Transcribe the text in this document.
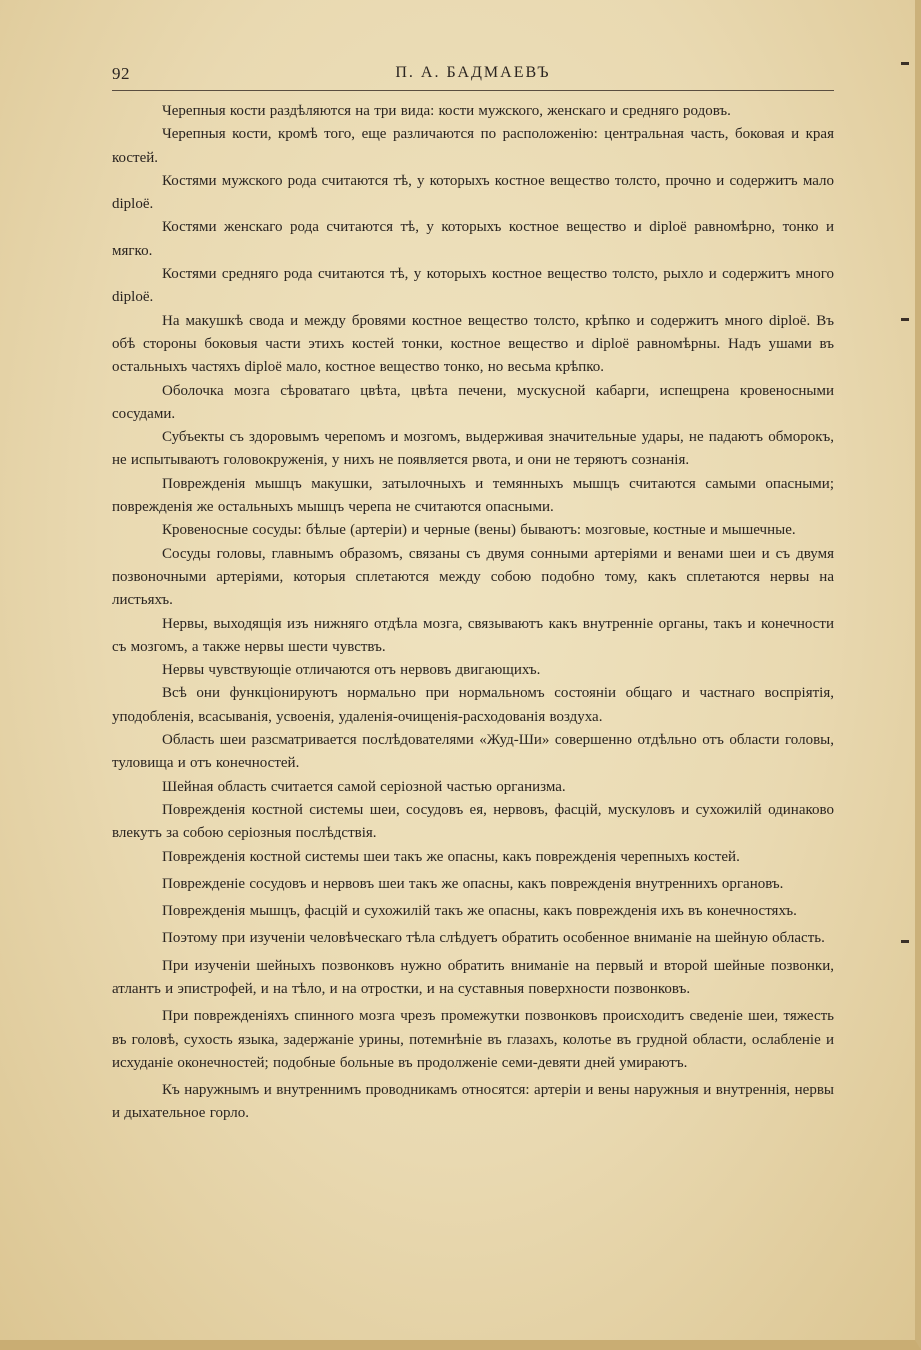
92	П. А. БАДМАЕВЪ

Черепныя кости раздѣляются на три вида: кости мужского, женскаго и средняго родовъ.

Черепныя кости, кромѣ того, еще различаются по расположенію: центральная часть, боковая и края костей.

Костями мужского рода считаются тѣ, у которыхъ костное вещество толсто, прочно и содержитъ мало diploё.

Костями женскаго рода считаются тѣ, у которыхъ костное вещество и diploё равномѣрно, тонко и мягко.

Костями средняго рода считаются тѣ, у которыхъ костное вещество толсто, рыхло и содержитъ много diploё.

На макушкѣ свода и между бровями костное вещество толсто, крѣпко и содержитъ много diploё. Въ обѣ стороны боковыя части этихъ костей тонки, костное вещество и diploё равномѣрны. Надъ ушами въ остальныхъ частяхъ diploё мало, костное вещество тонко, но весьма крѣпко.

Оболочка мозга сѣроватаго цвѣта, цвѣта печени, мускусной кабарги, испещрена кровеносными сосудами.

Субъекты съ здоровымъ черепомъ и мозгомъ, выдерживая значительные удары, не падаютъ обморокъ, не испытываютъ головокруженія, у нихъ не появляется рвота, и они не теряютъ сознанія.

Поврежденія мышцъ макушки, затылочныхъ и темянныхъ мышцъ считаются самыми опасными; поврежденія же остальныхъ мышцъ черепа не считаются опасными.

Кровеносные сосуды: бѣлые (артеріи) и черные (вены) бываютъ: мозговые, костные и мышечные.

Сосуды головы, главнымъ образомъ, связаны съ двумя сонными артеріями и венами шеи и съ двумя позвоночными артеріями, которыя сплетаются между собою подобно тому, какъ сплетаются нервы на листьяхъ.

Нервы, выходящія изъ нижняго отдѣла мозга, связываютъ какъ внутренніе органы, такъ и конечности съ мозгомъ, а также нервы шести чувствъ.

Нервы чувствующіе отличаются отъ нервовъ двигающихъ.

Всѣ они функціонируютъ нормально при нормальномъ состояніи общаго и частнаго воспріятія, уподобленія, всасыванія, усвоенія, удаленія-очищенія-расходованія воздуха.

Область шеи разсматривается послѣдователями «Жуд-Ши» совершенно отдѣльно отъ области головы, туловища и отъ конечностей.

Шейная область считается самой серіозной частью организма.

Поврежденія костной системы шеи, сосудовъ ея, нервовъ, фасцій, мускуловъ и сухожилій одинаково влекутъ за собою серіозныя послѣдствія.

Поврежденія костной системы шеи такъ же опасны, какъ поврежденія черепныхъ костей.

Поврежденіе сосудовъ и нервовъ шеи такъ же опасны, какъ поврежденія внутреннихъ органовъ.

Поврежденія мышцъ, фасцій и сухожилій такъ же опасны, какъ поврежденія ихъ въ конечностяхъ.

Поэтому при изученіи человѣческаго тѣла слѣдуетъ обратить особенное вниманіе на шейную область.

При изученіи шейныхъ позвонковъ нужно обратить вниманіе на первый и второй шейные позвонки, атлантъ и эпистрофей, и на тѣло, и на отростки, и на суставныя поверхности позвонковъ.

При поврежденіяхъ спинного мозга чрезъ промежутки позвонковъ происходитъ сведеніе шеи, тяжесть въ головѣ, сухость языка, задержаніе урины, потемнѣніе въ глазахъ, колотье въ грудной области, ослабленіе и исхуданіе оконечностей; подобные больные въ продолженіе семи-девяти дней умираютъ.

Къ наружнымъ и внутреннимъ проводникамъ относятся: артеріи и вены наружныя и внутреннія, нервы и дыхательное горло.
